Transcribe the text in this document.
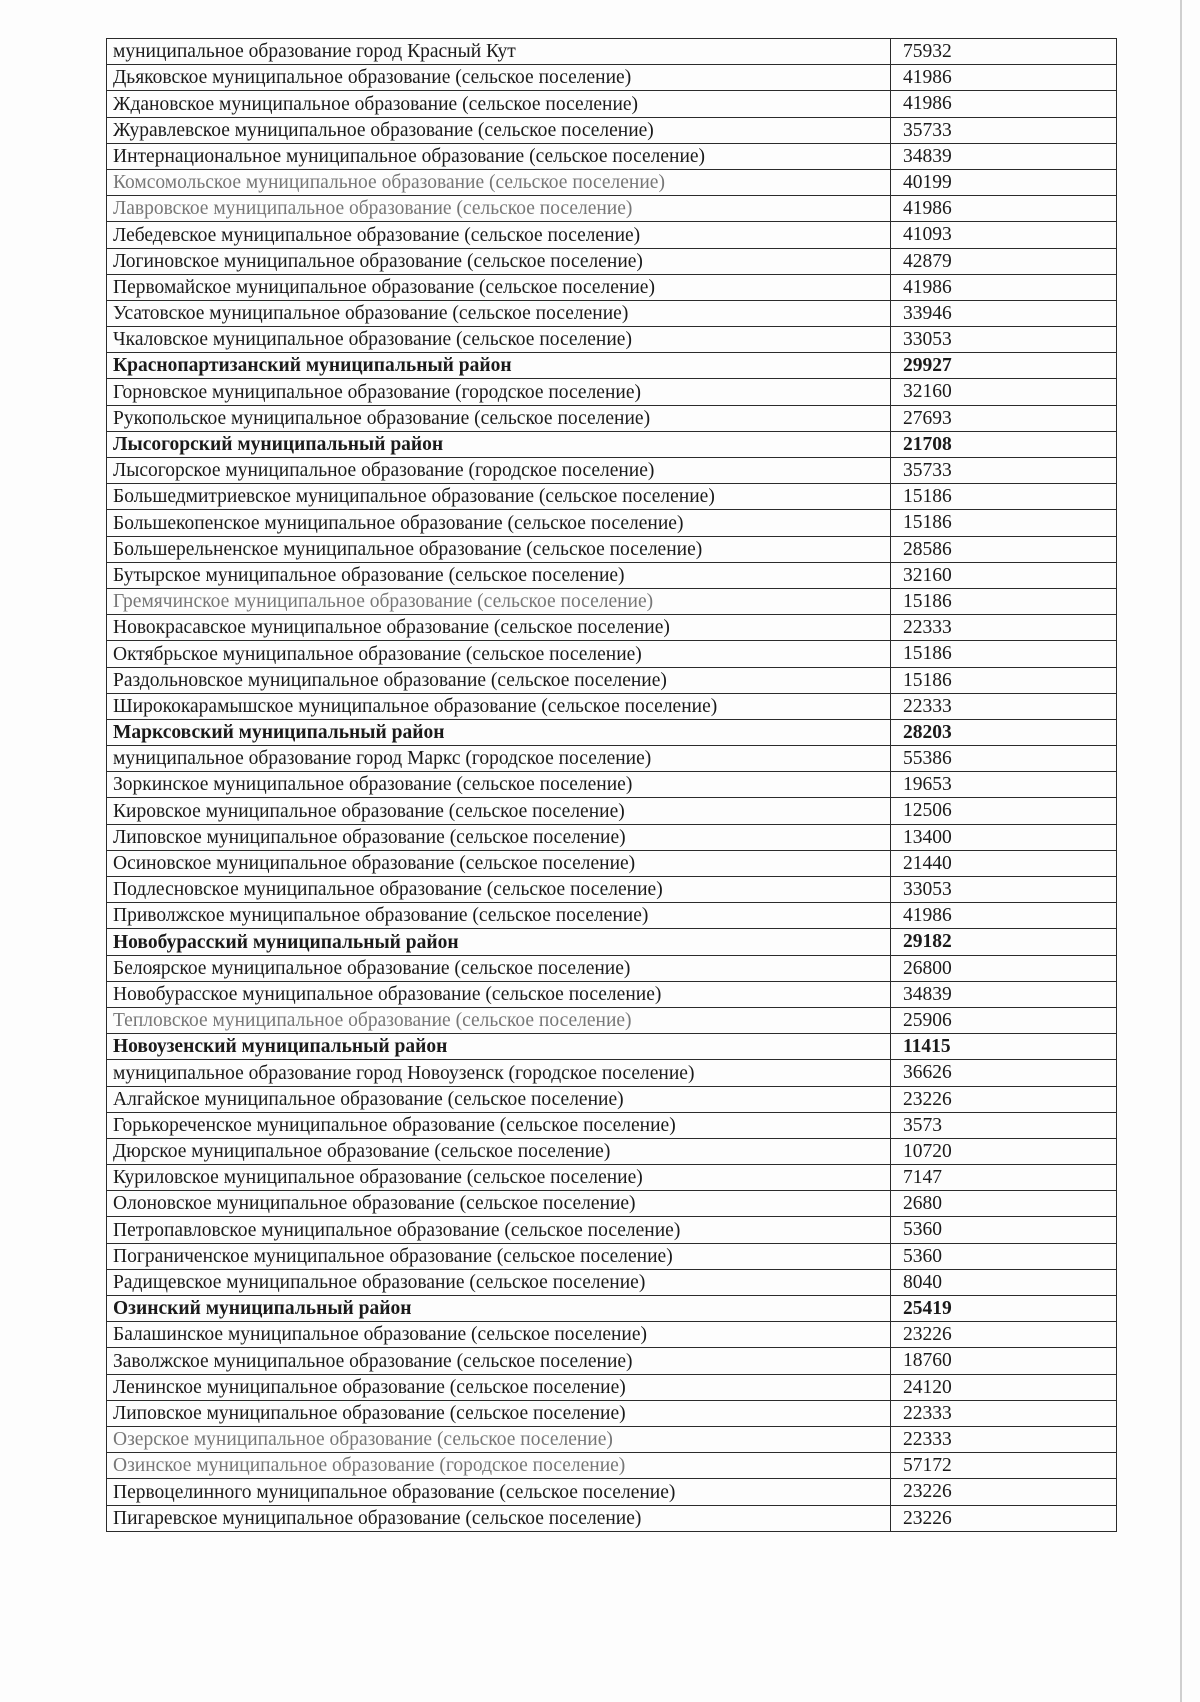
муниципальное образование город Красный Кут	75932
Дьяковское муниципальное образование (сельское поселение)	41986
Ждановское муниципальное образование (сельское поселение)	41986
Журавлевское муниципальное образование (сельское поселение)	35733
Интернациональное муниципальное образование (сельское поселение)	34839
Комсомольское муниципальное образование (сельское поселение)	40199
Лавровское муниципальное образование (сельское поселение)	41986
Лебедевское муниципальное образование (сельское поселение)	41093
Логиновское муниципальное образование (сельское поселение)	42879
Первомайское муниципальное образование (сельское поселение)	41986
Усатовское муниципальное образование (сельское поселение)	33946
Чкаловское муниципальное образование (сельское поселение)	33053
Краснопартизанский муниципальный район	29927
Горновское муниципальное образование (городское поселение)	32160
Рукопольское муниципальное образование (сельское поселение)	27693
Лысогорский муниципальный район	21708
Лысогорское муниципальное образование (городское поселение)	35733
Большедмитриевское муниципальное образование (сельское поселение)	15186
Большекопенское муниципальное образование (сельское поселение)	15186
Большерельненское муниципальное образование (сельское поселение)	28586
Бутырское муниципальное образование (сельское поселение)	32160
Гремячинское муниципальное образование (сельское поселение)	15186
Новокрасавское муниципальное образование (сельское поселение)	22333
Октябрьское муниципальное образование (сельское поселение)	15186
Раздольновское муниципальное образование (сельское поселение)	15186
Ширококарамышское муниципальное образование (сельское поселение)	22333
Марксовский муниципальный район	28203
муниципальное образование город Маркс (городское поселение)	55386
Зоркинское муниципальное образование (сельское поселение)	19653
Кировское муниципальное образование (сельское поселение)	12506
Липовское муниципальное образование (сельское поселение)	13400
Осиновское муниципальное образование (сельское поселение)	21440
Подлесновское муниципальное образование (сельское поселение)	33053
Приволжское муниципальное образование (сельское поселение)	41986
Новобурасский муниципальный район	29182
Белоярское муниципальное образование (сельское поселение)	26800
Новобурасское муниципальное образование (сельское поселение)	34839
Тепловское муниципальное образование (сельское поселение)	25906
Новоузенский муниципальный район	11415
муниципальное образование город Новоузенск (городское поселение)	36626
Алгайское муниципальное образование (сельское поселение)	23226
Горькореченское муниципальное образование (сельское поселение)	3573
Дюрское муниципальное образование (сельское поселение)	10720
Куриловское муниципальное образование (сельское поселение)	7147
Олоновское муниципальное образование (сельское поселение)	2680
Петропавловское муниципальное образование (сельское поселение)	5360
Пограниченское муниципальное образование (сельское поселение)	5360
Радищевское муниципальное образование (сельское поселение)	8040
Озинский муниципальный район	25419
Балашинское муниципальное образование (сельское поселение)	23226
Заволжское муниципальное образование (сельское поселение)	18760
Ленинское муниципальное образование (сельское поселение)	24120
Липовское муниципальное образование (сельское поселение)	22333
Озерское муниципальное образование (сельское поселение)	22333
Озинское муниципальное образование (городское поселение)	57172
Первоцелинного муниципальное образование (сельское поселение)	23226
Пигаревское муниципальное образование (сельское поселение)	23226
